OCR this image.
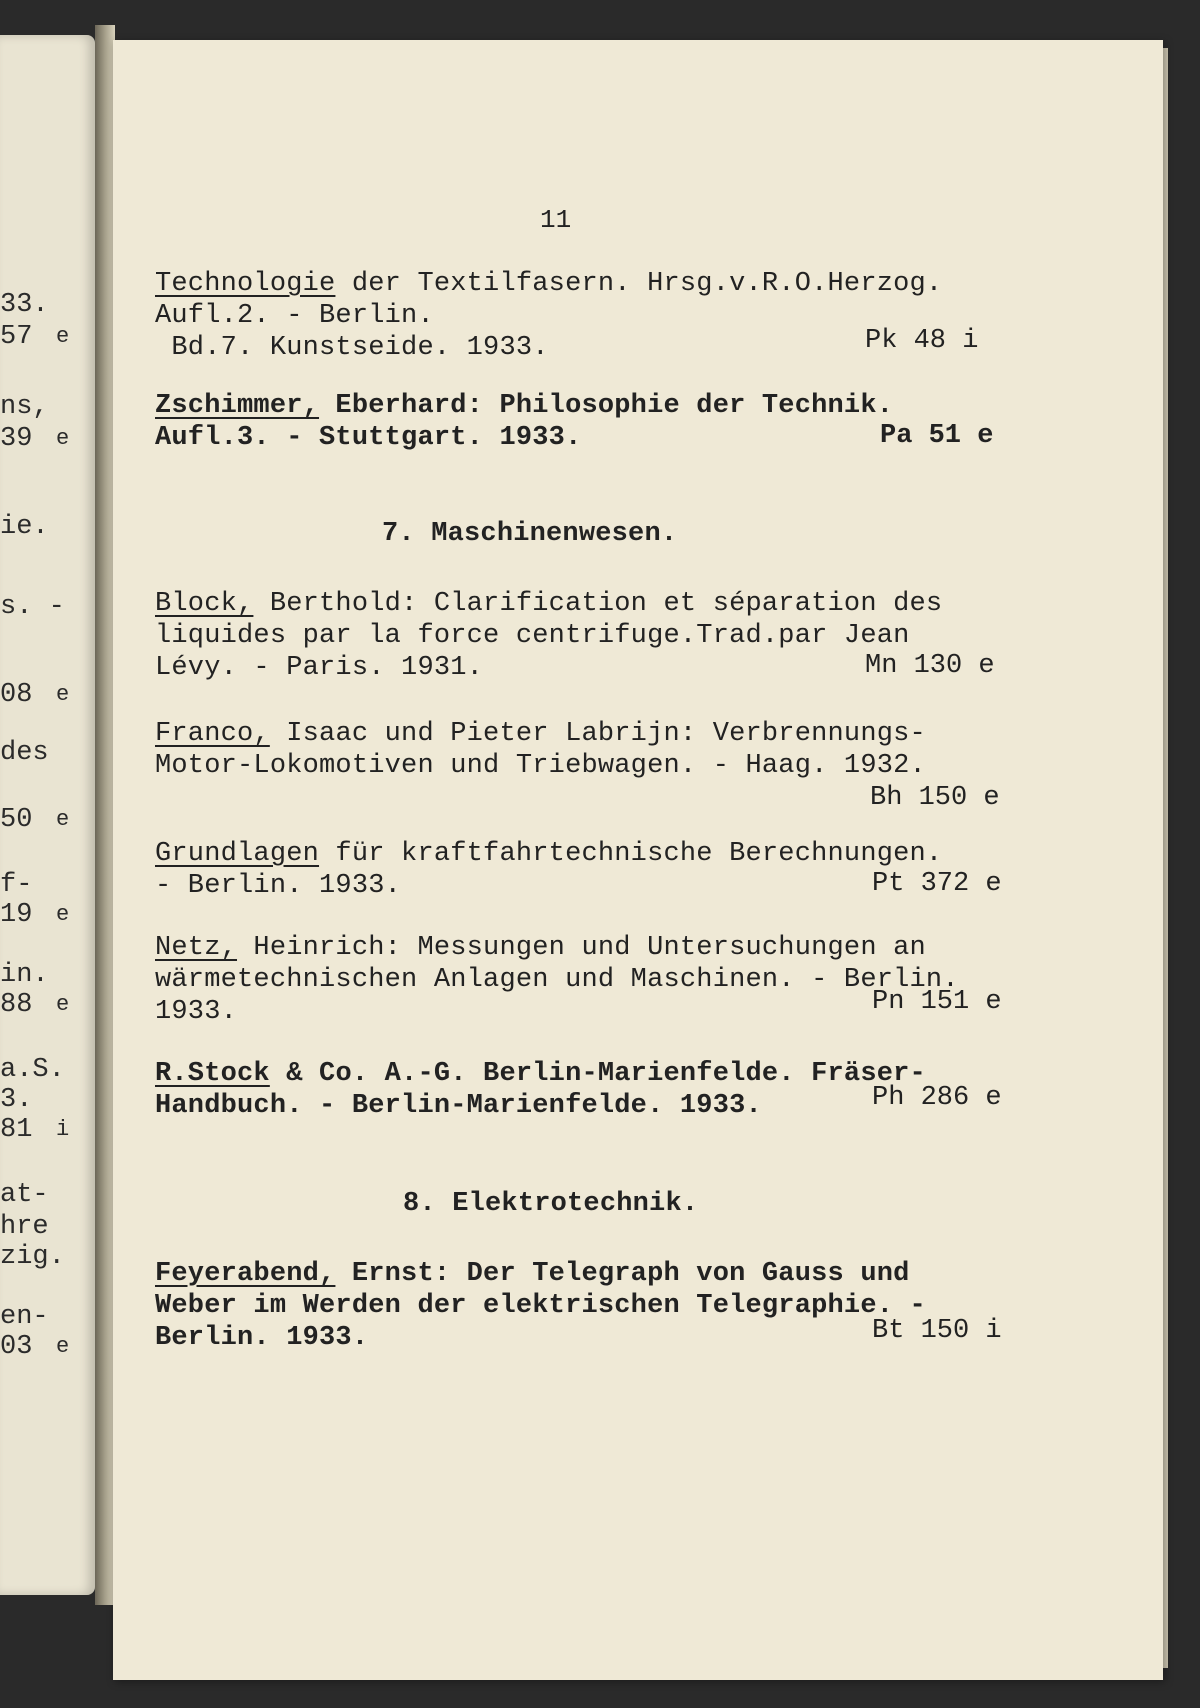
11
Technologie der Textilfasern. Hrsg.v.R.O.Herzog.
Aufl.2. - Berlin.
Bd.7. Kunstseide. 1933.	Pk 48 i
Zschimmer, Eberhard: Philosophie der Technik.
Aufl.3. - Stuttgart. 1933.	Pa 51 e
7. Maschinenwesen.
Block, Berthold: Clarification et séparation des
liquides par la force centrifuge.Trad.par Jean
Lévy. - Paris. 1931.	Mn 130 e
Franco, Isaac und Pieter Labrijn: Verbrennungs-
Motor-Lokomotiven und Triebwagen. - Haag. 1932.
Bh 150 e
Grundlagen für kraftfahrtechnische Berechnungen.
- Berlin. 1933.	Pt 372 e
Netz, Heinrich: Messungen und Untersuchungen an
wärmetechnischen Anlagen und Maschinen. - Berlin.
1933.	Pn 151 e
R.Stock & Co. A.-G. Berlin-Marienfelde. Fräser-
Handbuch. - Berlin-Marienfelde. 1933.	Ph 286 e
8. Elektrotechnik.
Feyerabend, Ernst: Der Telegraph von Gauss und
Weber im Werden der elektrischen Telegraphie. -
Berlin. 1933.	Bt 150 i
33.
57 e
ns,
39 e
ie.
s. -
08 e
des
50 e
f-
19 e
in.
88 e
a.S.
3.
81 i
at-
hre
zig.
en-
03 e
